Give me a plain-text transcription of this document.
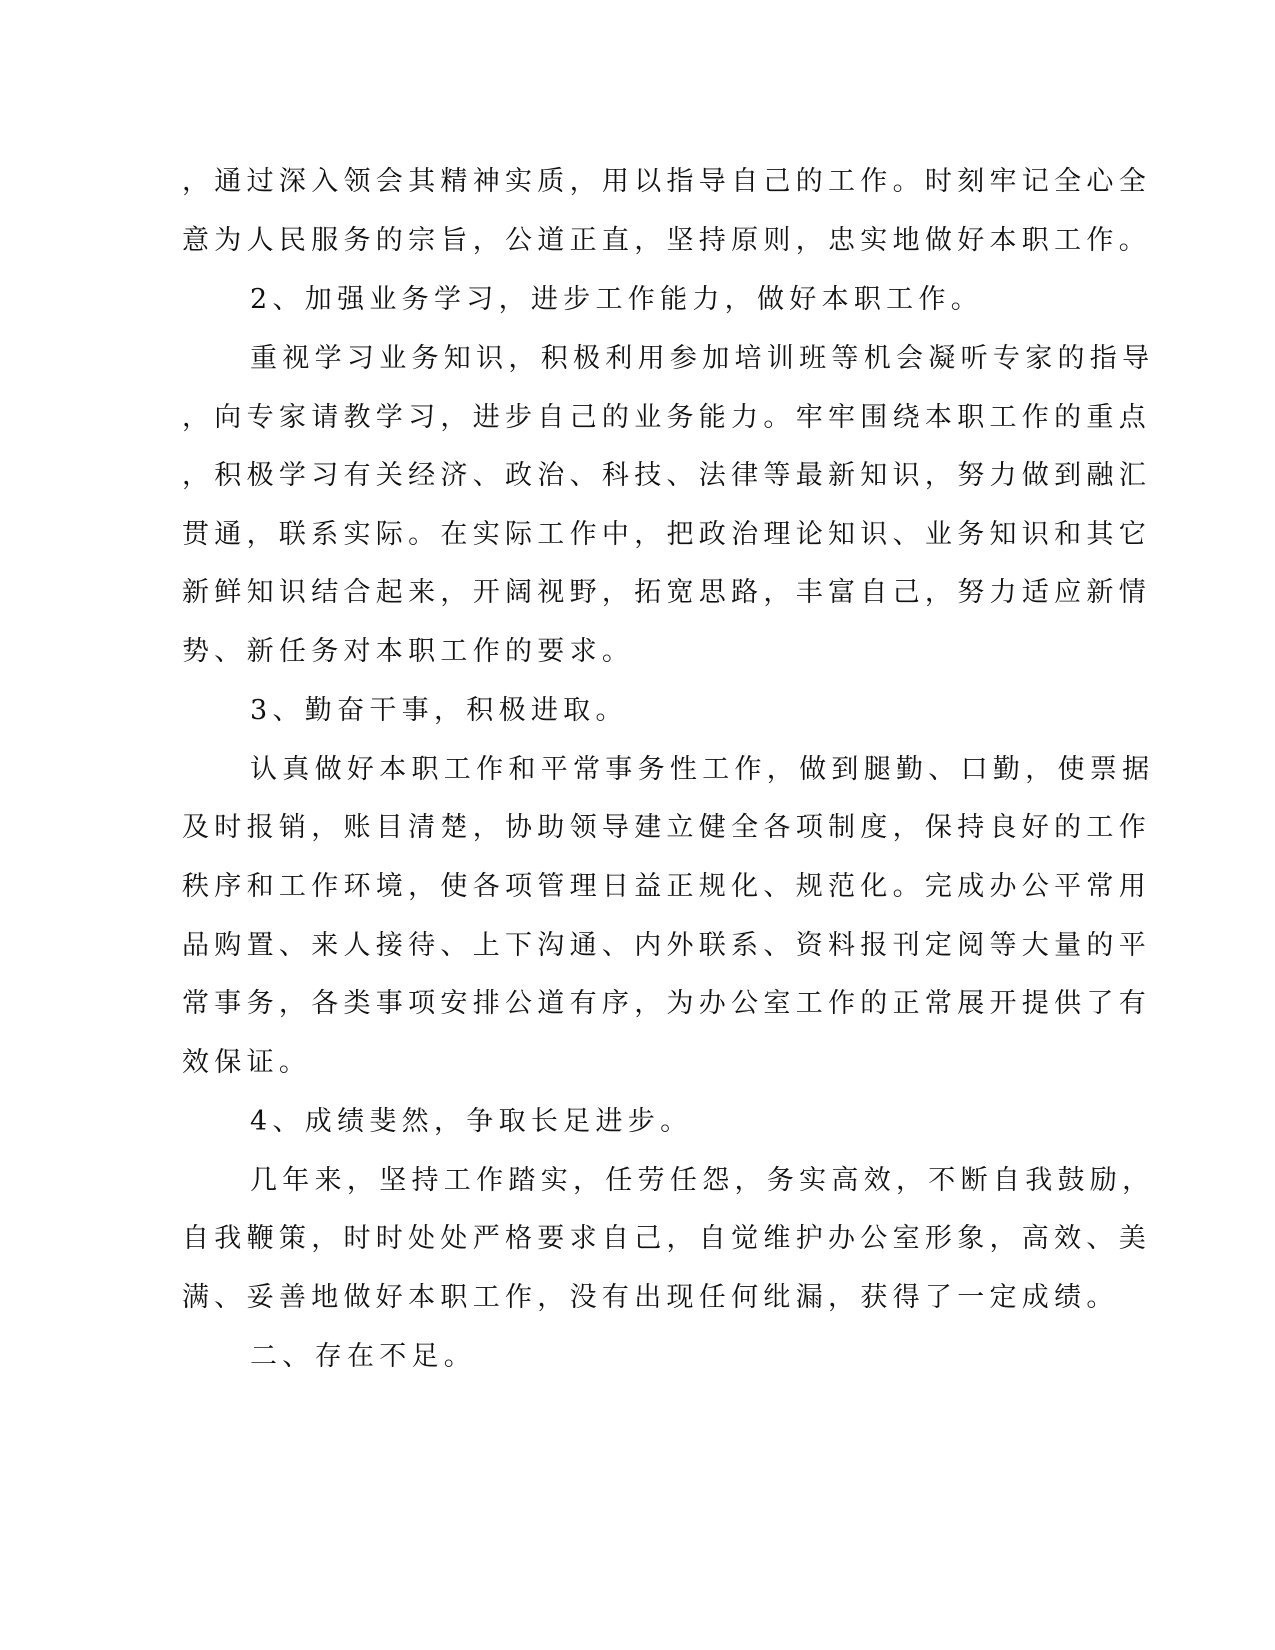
，通过深入领会其精神实质，用以指导自己的工作。时刻牢记全心全
意为人民服务的宗旨，公道正直，坚持原则，忠实地做好本职工作。
2、加强业务学习，进步工作能力，做好本职工作。
重视学习业务知识，积极利用参加培训班等机会凝听专家的指导
，向专家请教学习，进步自己的业务能力。牢牢围绕本职工作的重点
，积极学习有关经济、政治、科技、法律等最新知识，努力做到融汇
贯通，联系实际。在实际工作中，把政治理论知识、业务知识和其它
新鲜知识结合起来，开阔视野，拓宽思路，丰富自己，努力适应新情
势、新任务对本职工作的要求。
3、勤奋干事，积极进取。
认真做好本职工作和平常事务性工作，做到腿勤、口勤，使票据
及时报销，账目清楚，协助领导建立健全各项制度，保持良好的工作
秩序和工作环境，使各项管理日益正规化、规范化。完成办公平常用
品购置、来人接待、上下沟通、内外联系、资料报刊定阅等大量的平
常事务，各类事项安排公道有序，为办公室工作的正常展开提供了有
效保证。
4、成绩斐然，争取长足进步。
几年来，坚持工作踏实，任劳任怨，务实高效，不断自我鼓励，
自我鞭策，时时处处严格要求自己，自觉维护办公室形象，高效、美
满、妥善地做好本职工作，没有出现任何纰漏，获得了一定成绩。
二、存在不足。
